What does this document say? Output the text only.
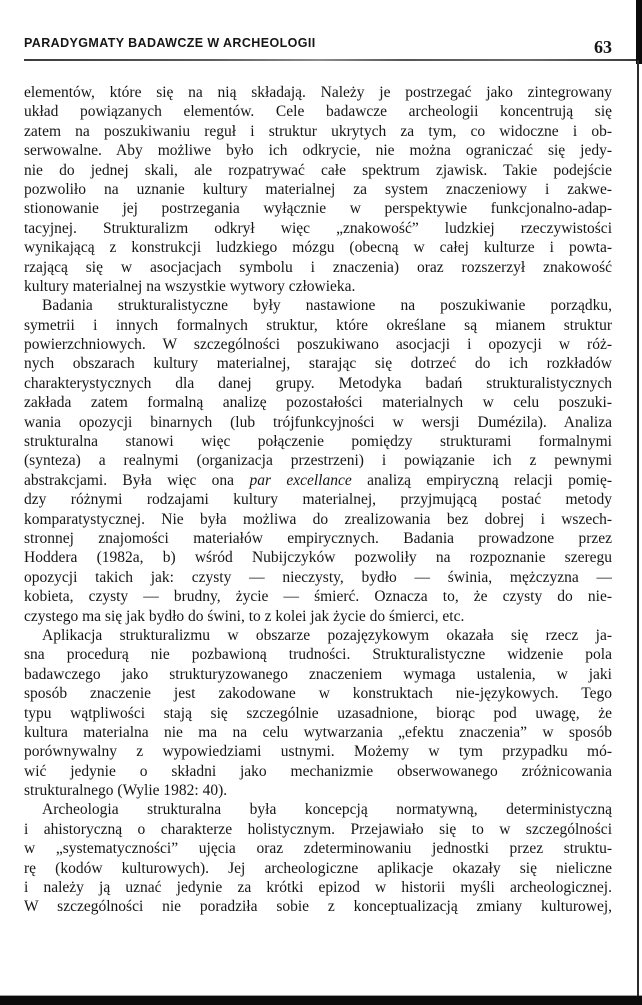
PARADYGMATY BADAWCZE W ARCHEOLOGII	63
elementów, które się na nią składają. Należy je postrzegać jako zintegrowany
układ powiązanych elementów. Cele badawcze archeologii koncentrują się
zatem na poszukiwaniu reguł i struktur ukrytych za tym, co widoczne i ob-
serwowalne. Aby możliwe było ich odkrycie, nie można ograniczać się jedy-
nie do jednej skali, ale rozpatrywać całe spektrum zjawisk. Takie podejście
pozwoliło na uznanie kultury materialnej za system znaczeniowy i zakwe-
stionowanie jej postrzegania wyłącznie w perspektywie funkcjonalno-adap-
tacyjnej. Strukturalizm odkrył więc „znakowość” ludzkiej rzeczywistości
wynikającą z konstrukcji ludzkiego mózgu (obecną w całej kulturze i powta-
rzającą się w asocjacjach symbolu i znaczenia) oraz rozszerzył znakowość
kultury materialnej na wszystkie wytwory człowieka.
Badania strukturalistyczne były nastawione na poszukiwanie porządku,
symetrii i innych formalnych struktur, które określane są mianem struktur
powierzchniowych. W szczególności poszukiwano asocjacji i opozycji w róż-
nych obszarach kultury materialnej, starając się dotrzeć do ich rozkładów
charakterystycznych dla danej grupy. Metodyka badań strukturalistycznych
zakłada zatem formalną analizę pozostałości materialnych w celu poszuki-
wania opozycji binarnych (lub trójfunkcyjności w wersji Dumézila). Analiza
strukturalna stanowi więc połączenie pomiędzy strukturami formalnymi
(synteza) a realnymi (organizacja przestrzeni) i powiązanie ich z pewnymi
abstrakcjami. Była więc ona par excellance analizą empiryczną relacji pomię-
dzy różnymi rodzajami kultury materialnej, przyjmującą postać metody
komparatystycznej. Nie była możliwa do zrealizowania bez dobrej i wszech-
stronnej znajomości materiałów empirycznych. Badania prowadzone przez
Hoddera (1982a, b) wśród Nubijczyków pozwoliły na rozpoznanie szeregu
opozycji takich jak: czysty — nieczysty, bydło — świnia, mężczyzna —
kobieta, czysty — brudny, życie — śmierć. Oznacza to, że czysty do nie-
czystego ma się jak bydło do świni, to z kolei jak życie do śmierci, etc.
Aplikacja strukturalizmu w obszarze pozajęzykowym okazała się rzecz ja-
sna procedurą nie pozbawioną trudności. Strukturalistyczne widzenie pola
badawczego jako strukturyzowanego znaczeniem wymaga ustalenia, w jaki
sposób znaczenie jest zakodowane w konstruktach nie-językowych. Tego
typu wątpliwości stają się szczególnie uzasadnione, biorąc pod uwagę, że
kultura materialna nie ma na celu wytwarzania „efektu znaczenia” w sposób
porównywalny z wypowiedziami ustnymi. Możemy w tym przypadku mó-
wić jedynie o składni jako mechanizmie obserwowanego zróżnicowania
strukturalnego (Wylie 1982: 40).
Archeologia strukturalna była koncepcją normatywną, deterministyczną
i ahistoryczną o charakterze holistycznym. Przejawiało się to w szczególności
w „systematyczności” ujęcia oraz zdeterminowaniu jednostki przez struktu-
rę (kodów kulturowych). Jej archeologiczne aplikacje okazały się nieliczne
i należy ją uznać jedynie za krótki epizod w historii myśli archeologicznej.
W szczególności nie poradziła sobie z konceptualizacją zmiany kulturowej,
